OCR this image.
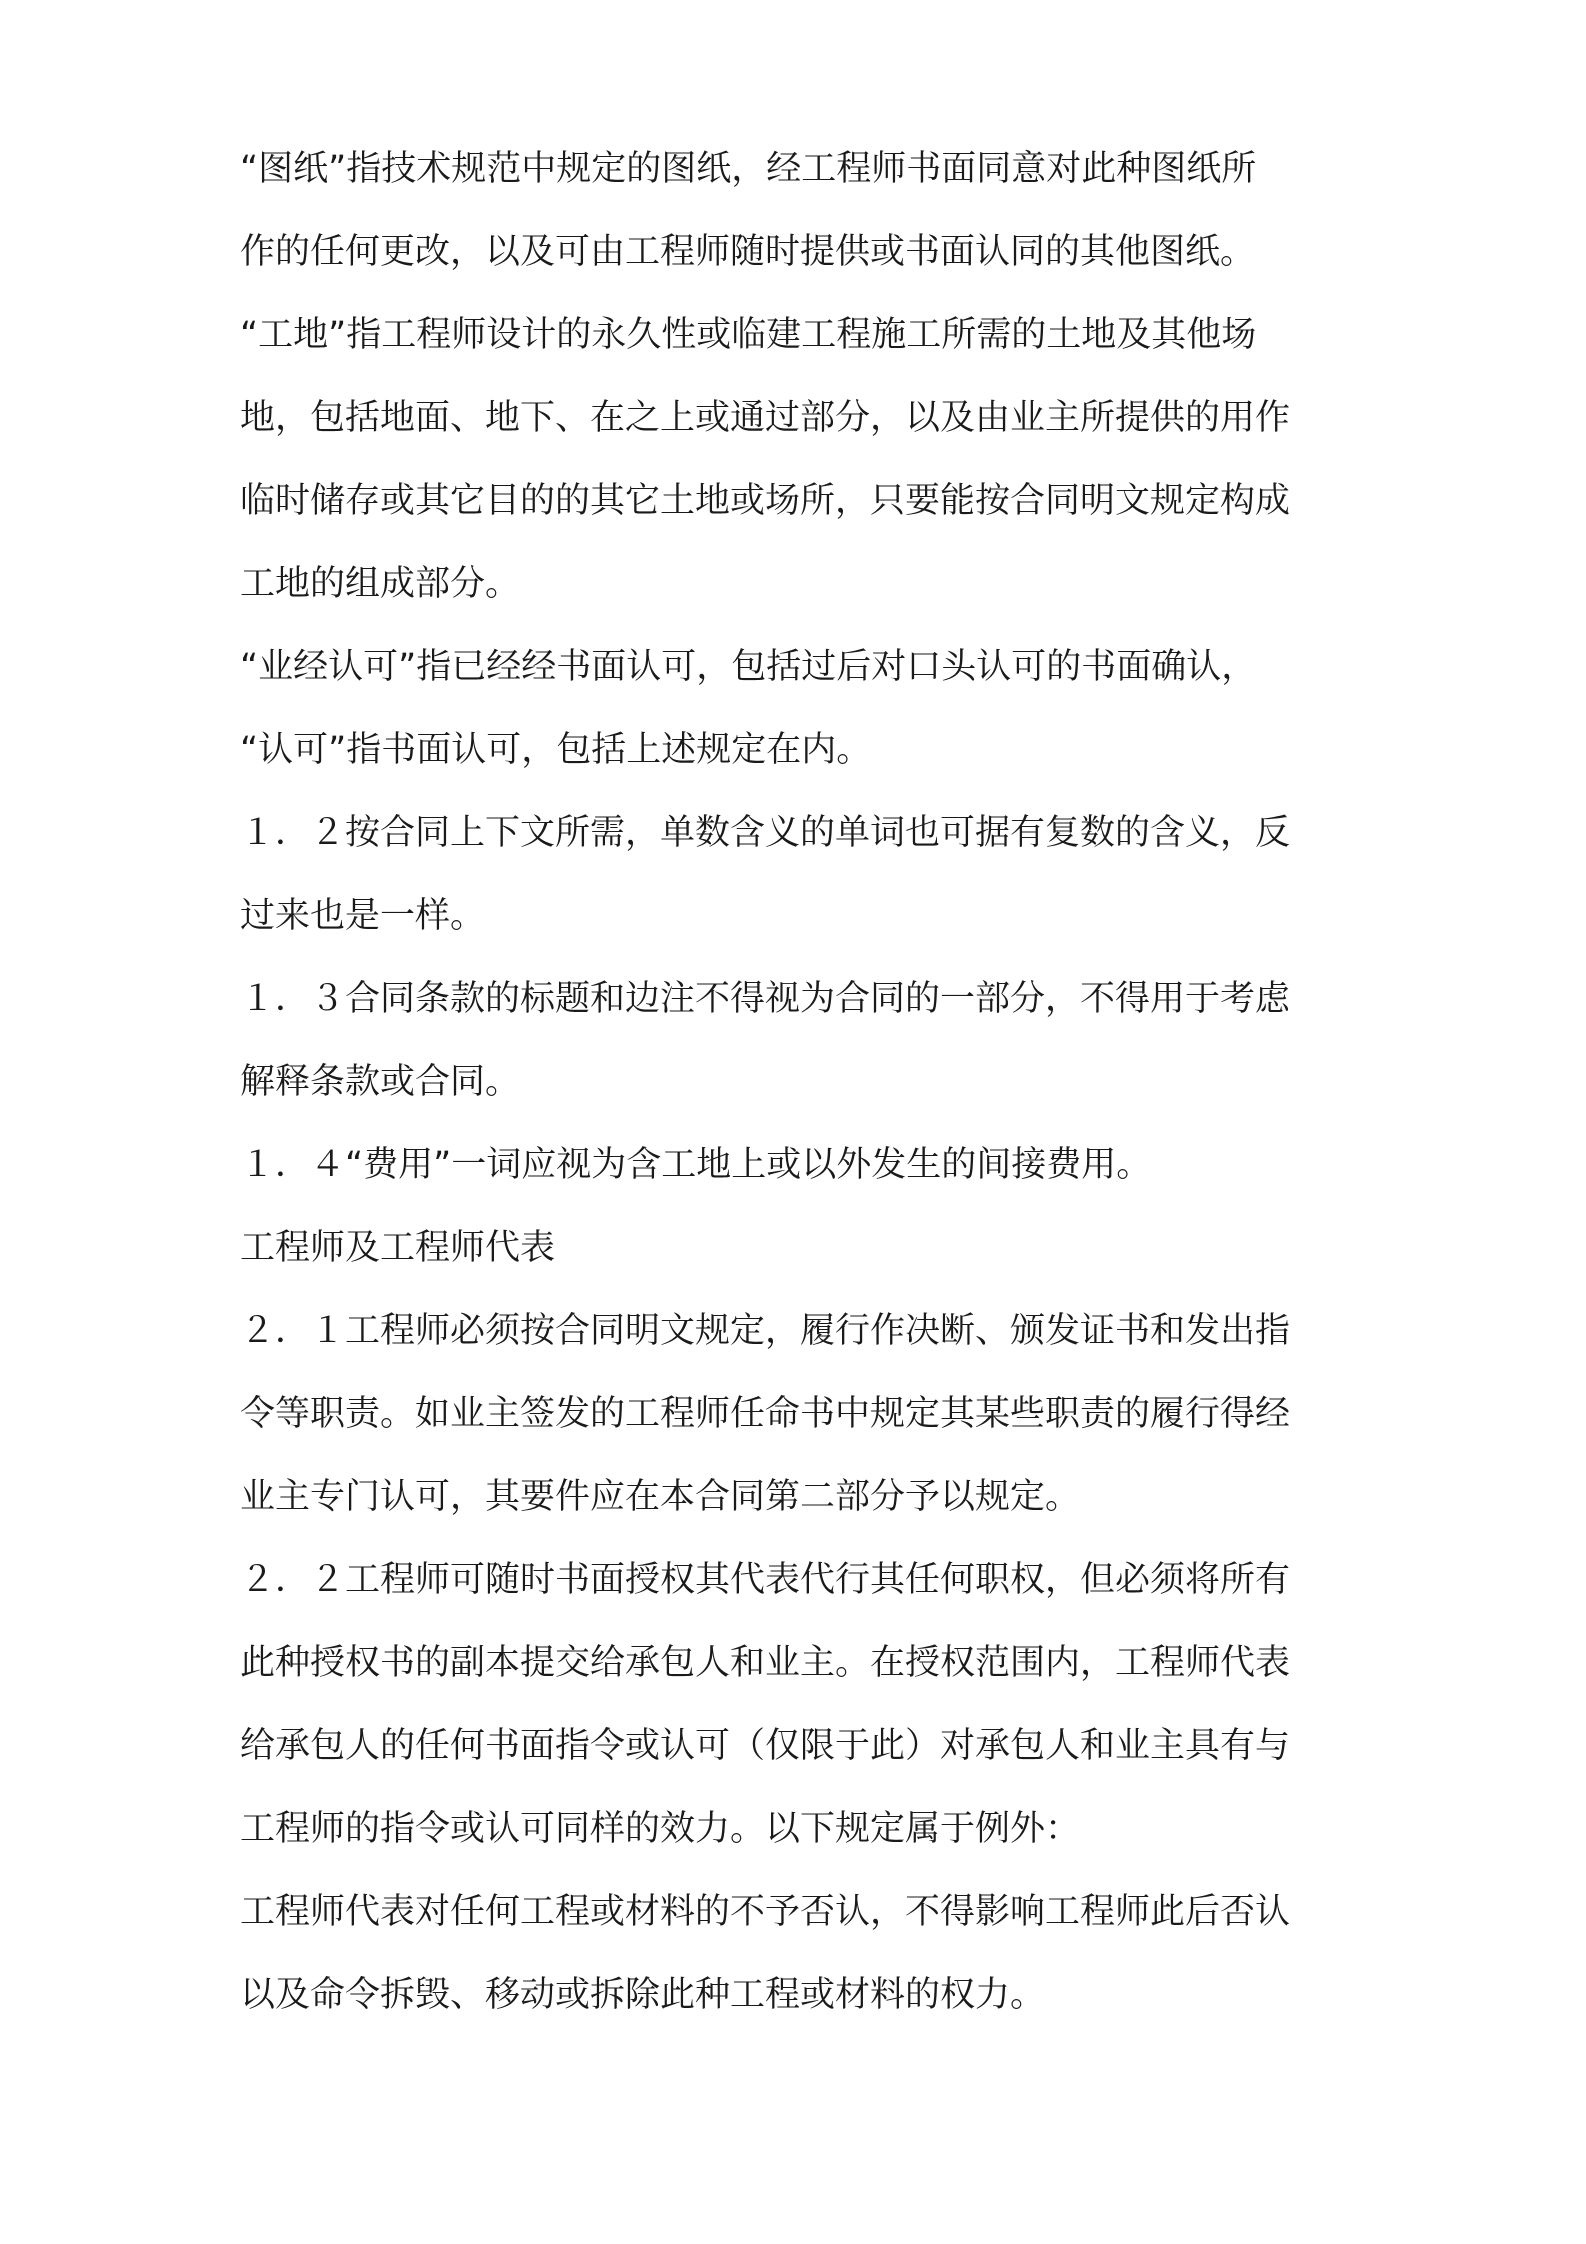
“图纸”指技术规范中规定的图纸，经工程师书面同意对此种图纸所
作的任何更改，以及可由工程师随时提供或书面认同的其他图纸。
“工地”指工程师设计的永久性或临建工程施工所需的土地及其他场
地，包括地面、地下、在之上或通过部分，以及由业主所提供的用作
临时储存或其它目的的其它土地或场所，只要能按合同明文规定构成
工地的组成部分。
“业经认可”指已经经书面认可，包括过后对口头认可的书面确认，
“认可”指书面认可，包括上述规定在内。
１．２按合同上下文所需，单数含义的单词也可据有复数的含义，反
过来也是一样。
１．３合同条款的标题和边注不得视为合同的一部分，不得用于考虑
解释条款或合同。
１．４“费用”一词应视为含工地上或以外发生的间接费用。
工程师及工程师代表
２．１工程师必须按合同明文规定，履行作决断、颁发证书和发出指
令等职责。如业主签发的工程师任命书中规定其某些职责的履行得经
业主专门认可，其要件应在本合同第二部分予以规定。
２．２工程师可随时书面授权其代表代行其任何职权，但必须将所有
此种授权书的副本提交给承包人和业主。在授权范围内，工程师代表
给承包人的任何书面指令或认可（仅限于此）对承包人和业主具有与
工程师的指令或认可同样的效力。以下规定属于例外：
工程师代表对任何工程或材料的不予否认，不得影响工程师此后否认
以及命令拆毁、移动或拆除此种工程或材料的权力。
